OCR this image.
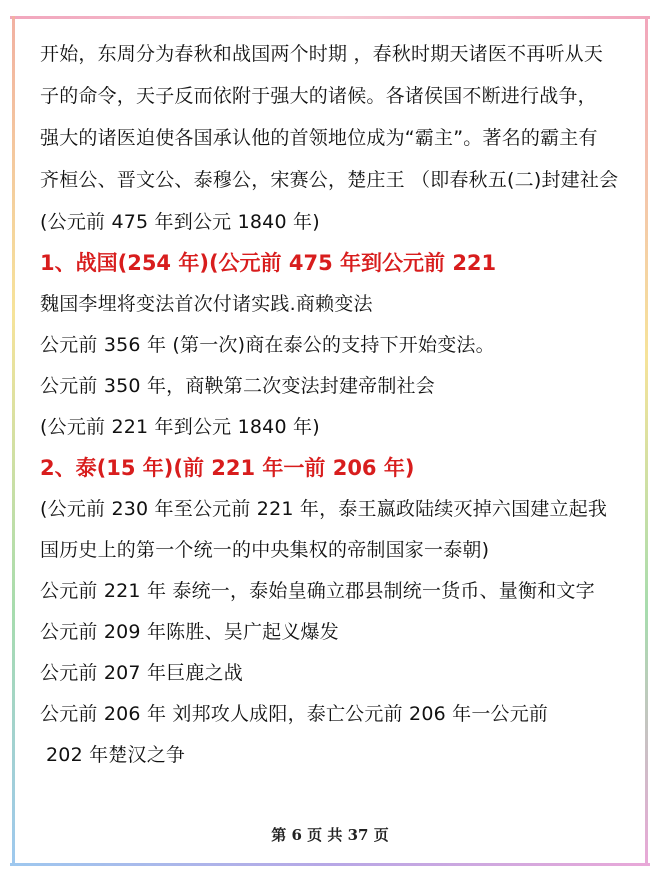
开始，东周分为春秋和战国两个时期 ，春秋时期天诸医不再听从天

子的命令，天子反而依附于强大的诸候。各诸侯国不断进行战争，

强大的诸医迫使各国承认他的首领地位成为“霸主”。著名的霸主有

齐桓公、晋文公、泰穆公，宋赛公，楚庄王 （即春秋五(二)封建社会

(公元前 475 年到公元 1840 年)

1、战国(254 年)(公元前 475 年到公元前 221

魏国李埋将变法首次付诸实践.商赖变法

公元前 356 年 (第一次)商在泰公的支持下开始变法。

公元前 350 年，商鞅第二次变法封建帝制社会

(公元前 221 年到公元 1840 年)

2、泰(15 年)(前 221 年一前 206 年)

(公元前 230 年至公元前 221 年，泰王嬴政陆续灭掉六国建立起我

国历史上的第一个统一的中央集权的帝制国家一泰朝)

公元前 221 年 泰统一，泰始皇确立郡县制统一货币、量衡和文字

公元前 209 年陈胜、吴广起义爆发

公元前 207 年巨鹿之战

公元前 206 年 刘邦攻人成阳，泰亡公元前 206 年一公元前

202 年楚汉之争

第 6 页 共 37 页
